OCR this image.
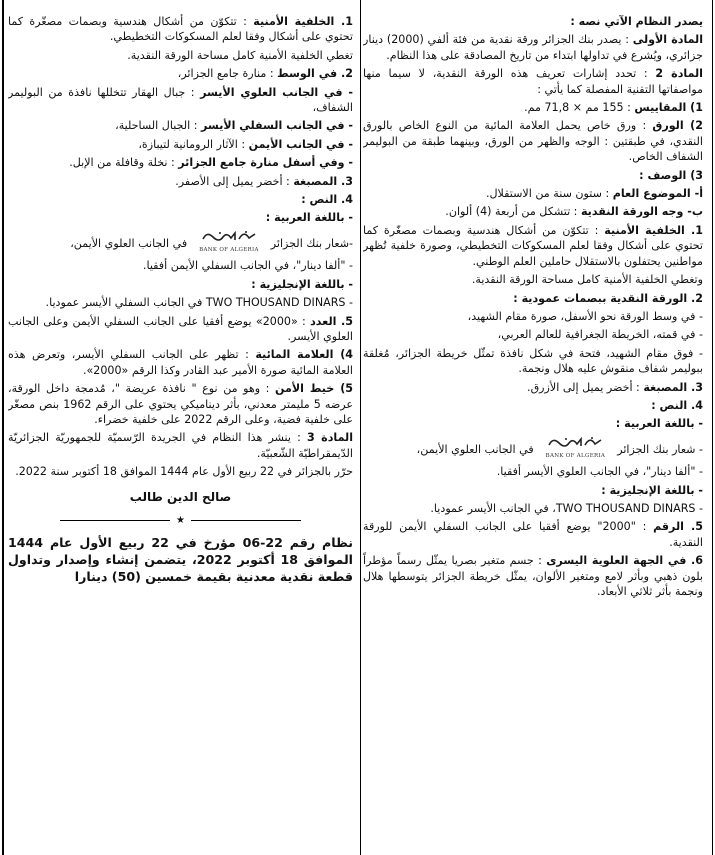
يصدر النظام الآتي نصه :

المادة الأولى : يصدر بنك الجزائر ورقة نقدية من فئة ألفي (2000) دينار جزائري، ويُشرع في تداولها ابتداء من تاريخ المصادقة على هذا النظام.

المادة 2 : تحدد إشارات تعريف هذه الورقة النقدية، لا سيما منها مواصفاتها التقنية المفصلة كما يأتي :

1) المقاييس : 155 مم × 71,8 مم.

2) الورق : ورق خاص يحمل العلامة المائية من النوع الخاص بالورق النقدي، في طبقتين : الوجه والظهر من الورق، وبينهما طبقة من البوليمر الشفاف الخاص.

3) الوصف :

أ- الموضوع العام : ستون سنة من الاستقلال.

ب- وجه الورقة النقدية : تتشكل من أربعة (4) ألوان.

1. الخلفية الأمنية : تتكوّن من أشكال هندسية وبصمات مصغّرة كما تحتوي على أشكال وفقا لعلم المسكوكات التخطيطي، وصورة خلفية تُظهر مواطنين يحتفلون بالاستقلال حاملين العلم الوطني.

وتغطي الخلفية الأمنية كامل مساحة الورقة النقدية.

2. الورقة النقدية ببصمات عمودية :

- في وسط الورقة نحو الأسفل، صورة مقام الشهيد،

- في قمته، الخريطة الجغرافية للعالم العربي،

- فوق مقام الشهيد، فتحة في شكل نافذة تمثّل خريطة الجزائر، مُغلقة ببوليمر شفاف منقوش عليه هلال ونجمة.

3. المصبغة : أخضر يميل إلى الأزرق.

4. النص :

- باللغة العربية :

- شعار بنك الجزائر
BANK OF ALGERIA
في الجانب العلوي الأيمن،

- "ألفا دينار"، في الجانب العلوي الأيسر أفقيا.

- باللغة الإنجليزية :

- TWO THOUSAND DINARS، في الجانب الأيسر عموديا.

5. الرقم : "2000" يوضع أفقيا على الجانب السفلي الأيمن للورقة النقدية.

6. في الجهة العلوية اليسرى : جسم متغير بصريا يمثّل رسماً مؤطراً بلون ذهبي وبأثر لامع ومتغير الألوان، يمثّل خريطة الجزائر يتوسطها هلال ونجمة بأثر ثلاثي الأبعاد.

1. الخلفية الأمنية : تتكوّن من أشكال هندسية وبصمات مصغّرة كما تحتوي على أشكال وفقا لعلم المسكوكات التخطيطي.

تغطي الخلفية الأمنية كامل مساحة الورقة النقدية.

2. في الوسط : منارة جامع الجزائر،

- في الجانب العلوي الأيسر : جبال الهقار تتخللها نافذة من البوليمر الشفاف،

- في الجانب السفلي الأيسر : الجبال الساحلية،

- في الجانب الأيمن : الآثار الرومانية لتيبازة،

- وفي أسفل منارة جامع الجزائر : نخلة وقافلة من الإبل.

3. المصبغة : أخضر يميل إلى الأصفر.

4. النص :

- باللغة العربية :

-شعار بنك الجزائر
BANK OF ALGERIA
في الجانب العلوي الأيمن،

- "ألفا دينار"، في الجانب السفلي الأيمن أفقيا.

- باللغة الإنجليزية :

- TWO THOUSAND DINARS في الجانب السفلي الأيسر عموديا.

5. العدد : «2000» يوضع أفقيا على الجانب السفلي الأيمن وعلى الجانب العلوي الأيسر.

4) العلامة المائية : تظهر على الجانب السفلي الأيسر، وتعرض هذه العلامة المائية صورة الأمير عبد القادر وكذا الرقم «2000».

5) خيط الأمن : وهو من نوع " نافذة عريضة "، مُدمجة داخل الورقة، عرضه 5 مليمتر معدني، بأثر ديناميكي يحتوي على الرقم 1962 بنص مصغّر على خلفية فضية، وعلى الرقم 2022 على خلفية خضراء.

المادة 3 : ينشر هذا النظام في الجريدة الرّسميّة للجمهوريّة الجزائريّة الدّيمقراطيّة الشّعبيّة.

حرّر بالجزائر في 22 ربيع الأول عام 1444 الموافق 18 أكتوبر سنة 2022.

صالح الدين طالب

★

نظام رقم 22-06 مؤرخ في 22 ربيع الأول عام 1444 الموافق 18 أكتوبر 2022، يتضمن إنشاء وإصدار وتداول قطعة نقدية معدنية بقيمة خمسين (50) دينارا
